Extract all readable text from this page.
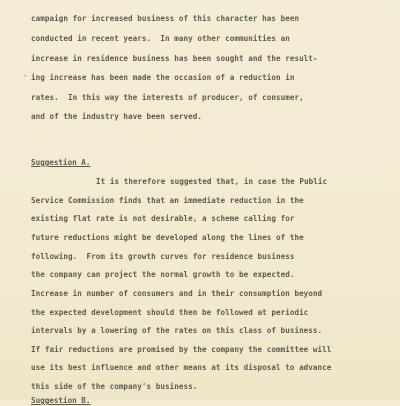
campaign for increased business of this character has been
conducted in recent years.  In many other communities an
increase in residence business has been sought and the result-
ing increase has been made the occasion of a reduction in
rates.  In this way the interests of producer, of consumer,
and of the industry have been served.
-
Suggestion A.
It is therefore suggested that, in case the Public
Service Commission finds that an immediate reduction in the
existing flat rate is not desirable, a scheme calling for
future reductions might be developed along the lines of the
following.  From its growth curves for residence business
the company can project the normal growth to be expected.
Increase in number of consumers and in their consumption beyond
the expected development should then be followed at periodic
intervals by a lowering of the rates on this class of business.
If fair reductions are promised by the company the committee will
use its best influence and other means at its disposal to advance
this side of the company's business.
Suggestion B.
